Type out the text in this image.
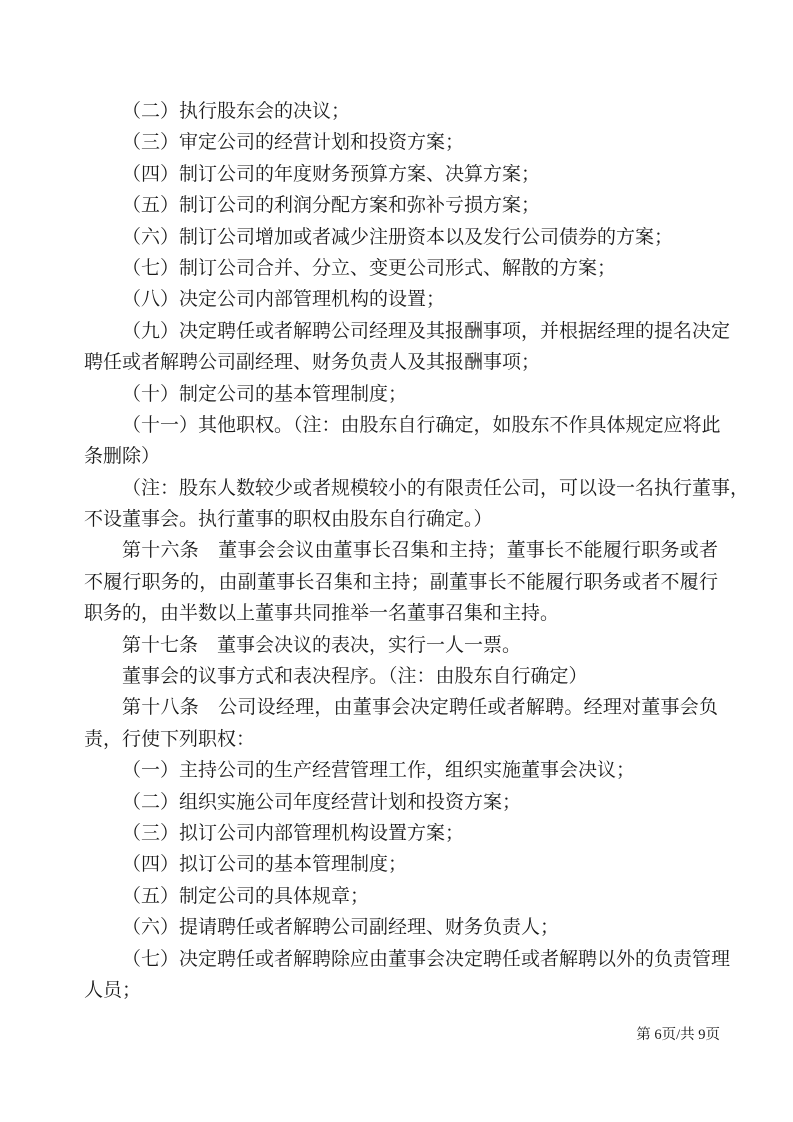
（二）执行股东会的决议；
（三）审定公司的经营计划和投资方案；
（四）制订公司的年度财务预算方案、决算方案；
（五）制订公司的利润分配方案和弥补亏损方案；
（六）制订公司增加或者减少注册资本以及发行公司债券的方案；
（七）制订公司合并、分立、变更公司形式、解散的方案；
（八）决定公司内部管理机构的设置；
（九）决定聘任或者解聘公司经理及其报酬事项，并根据经理的提名决定
聘任或者解聘公司副经理、财务负责人及其报酬事项；
（十）制定公司的基本管理制度；
（十一）其他职权。（注：由股东自行确定，如股东不作具体规定应将此
条删除）
（注：股东人数较少或者规模较小的有限责任公司，可以设一名执行董事，
不设董事会。执行董事的职权由股东自行确定。）
第十六条　董事会会议由董事长召集和主持；董事长不能履行职务或者
不履行职务的，由副董事长召集和主持；副董事长不能履行职务或者不履行
职务的，由半数以上董事共同推举一名董事召集和主持。
第十七条　董事会决议的表决，实行一人一票。
董事会的议事方式和表决程序。（注：由股东自行确定）
第十八条　公司设经理，由董事会决定聘任或者解聘。经理对董事会负
责，行使下列职权：
（一）主持公司的生产经营管理工作，组织实施董事会决议；
（二）组织实施公司年度经营计划和投资方案；
（三）拟订公司内部管理机构设置方案；
（四）拟订公司的基本管理制度；
（五）制定公司的具体规章；
（六）提请聘任或者解聘公司副经理、财务负责人；
（七）决定聘任或者解聘除应由董事会决定聘任或者解聘以外的负责管理
人员；
第 6页/共 9页
